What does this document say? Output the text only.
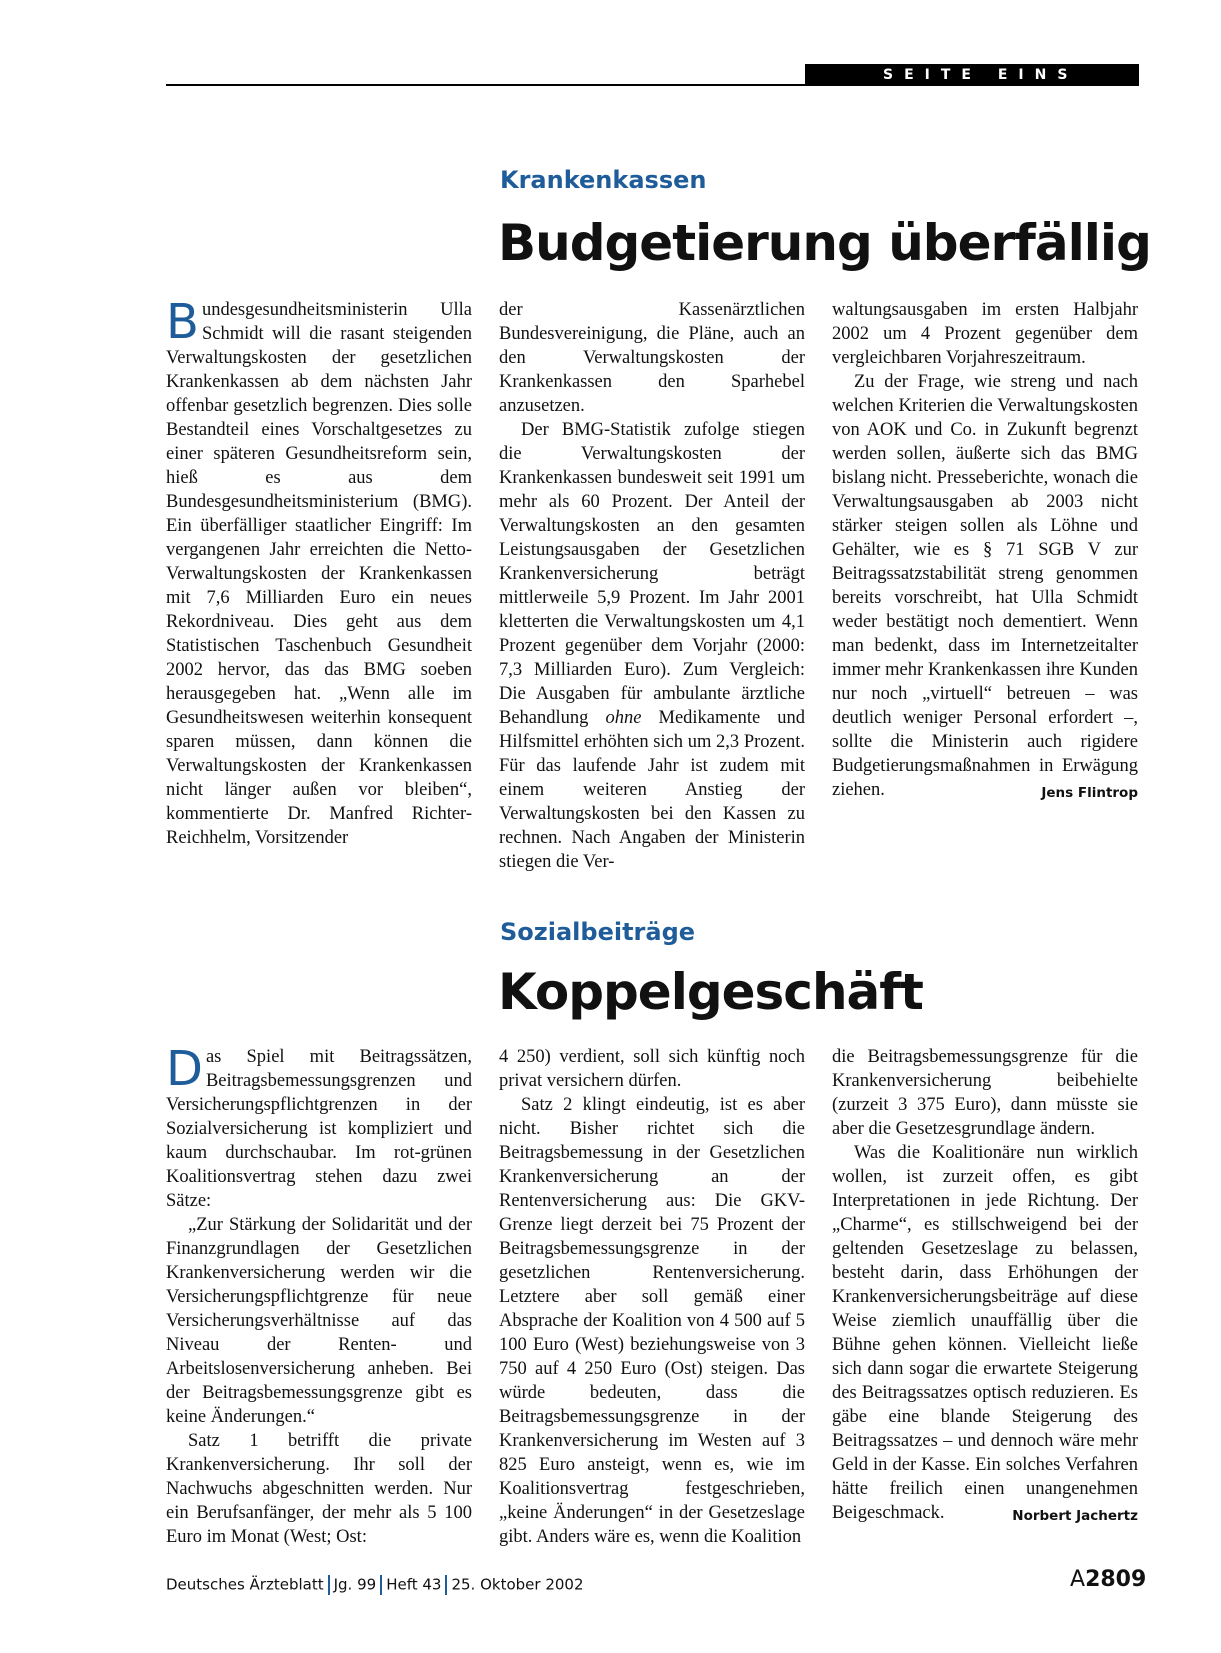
SEITE EINS
Krankenkassen
Budgetierung überfällig

Bundesgesundheitsministerin Ulla Schmidt will die rasant steigenden Verwaltungskosten der gesetzlichen Krankenkassen ab dem nächsten Jahr offenbar gesetzlich begrenzen. Dies solle Bestandteil eines Vorschaltgesetzes zu einer späteren Gesundheitsreform sein, hieß es aus dem Bundesgesundheitsministerium (BMG). Ein überfälliger staatlicher Eingriff: Im vergangenen Jahr erreichten die Netto-Verwaltungskosten der Krankenkassen mit 7,6 Milliarden Euro ein neues Rekordniveau. Dies geht aus dem Statistischen Taschenbuch Gesundheit 2002 hervor, das das BMG soeben herausgegeben hat. „Wenn alle im Gesundheitswesen weiterhin konsequent sparen müssen, dann können die Verwaltungskosten der Krankenkassen nicht länger außen vor bleiben“, kommentierte Dr. Manfred Richter-Reichhelm, Vorsitzender

der Kassenärztlichen Bundesvereinigung, die Pläne, auch an den Verwaltungskosten der Krankenkassen den Sparhebel anzusetzen.

Der BMG-Statistik zufolge stiegen die Verwaltungskosten der Krankenkassen bundesweit seit 1991 um mehr als 60 Prozent. Der Anteil der Verwaltungskosten an den gesamten Leistungsausgaben der Gesetzlichen Krankenversicherung beträgt mittlerweile 5,9 Prozent. Im Jahr 2001 kletterten die Verwaltungskosten um 4,1 Prozent gegenüber dem Vorjahr (2000: 7,3 Milliarden Euro). Zum Vergleich: Die Ausgaben für ambulante ärztliche Behandlung ohne Medikamente und Hilfsmittel erhöhten sich um 2,3 Prozent. Für das laufende Jahr ist zudem mit einem weiteren Anstieg der Verwaltungskosten bei den Kassen zu rechnen. Nach Angaben der Ministerin stiegen die Ver-

waltungsausgaben im ersten Halbjahr 2002 um 4 Prozent gegenüber dem vergleichbaren Vorjahreszeitraum.

Zu der Frage, wie streng und nach welchen Kriterien die Verwaltungskosten von AOK und Co. in Zukunft begrenzt werden sollen, äußerte sich das BMG bislang nicht. Presseberichte, wonach die Verwaltungsausgaben ab 2003 nicht stärker steigen sollen als Löhne und Gehälter, wie es § 71 SGB V zur Beitragssatzstabilität streng genommen bereits vorschreibt, hat Ulla Schmidt weder bestätigt noch dementiert. Wenn man bedenkt, dass im Internetzeitalter immer mehr Krankenkassen ihre Kunden nur noch „virtuell“ betreuen – was deutlich weniger Personal erfordert –, sollte die Ministerin auch rigidere Budgetierungsmaßnahmen in Erwägung ziehen.	Jens Flintrop

Sozialbeiträge
Koppelgeschäft

Das Spiel mit Beitragssätzen, Beitragsbemessungsgrenzen und Versicherungspflichtgrenzen in der Sozialversicherung ist kompliziert und kaum durchschaubar. Im rot-grünen Koalitionsvertrag stehen dazu zwei Sätze:

„Zur Stärkung der Solidarität und der Finanzgrundlagen der Gesetzlichen Krankenversicherung werden wir die Versicherungspflichtgrenze für neue Versicherungsverhältnisse auf das Niveau der Renten- und Arbeitslosenversicherung anheben. Bei der Beitragsbemessungsgrenze gibt es keine Änderungen.“

Satz 1 betrifft die private Krankenversicherung. Ihr soll der Nachwuchs abgeschnitten werden. Nur ein Berufsanfänger, der mehr als 5 100 Euro im Monat (West; Ost:

4 250) verdient, soll sich künftig noch privat versichern dürfen.

Satz 2 klingt eindeutig, ist es aber nicht. Bisher richtet sich die Beitragsbemessung in der Gesetzlichen Krankenversicherung an der Rentenversicherung aus: Die GKV-Grenze liegt derzeit bei 75 Prozent der Beitragsbemessungsgrenze in der gesetzlichen Rentenversicherung. Letztere aber soll gemäß einer Absprache der Koalition von 4 500 auf 5 100 Euro (West) beziehungsweise von 3 750 auf 4 250 Euro (Ost) steigen. Das würde bedeuten, dass die Beitragsbemessungsgrenze in der Krankenversicherung im Westen auf 3 825 Euro ansteigt, wenn es, wie im Koalitionsvertrag festgeschrieben, „keine Änderungen“ in der Gesetzeslage gibt. Anders wäre es, wenn die Koalition

die Beitragsbemessungsgrenze für die Krankenversicherung beibehielte (zurzeit 3 375 Euro), dann müsste sie aber die Gesetzesgrundlage ändern.

Was die Koalitionäre nun wirklich wollen, ist zurzeit offen, es gibt Interpretationen in jede Richtung. Der „Charme“, es stillschweigend bei der geltenden Gesetzeslage zu belassen, besteht darin, dass Erhöhungen der Krankenversicherungsbeiträge auf diese Weise ziemlich unauffällig über die Bühne gehen können. Vielleicht ließe sich dann sogar die erwartete Steigerung des Beitragssatzes optisch reduzieren. Es gäbe eine blande Steigerung des Beitragssatzes – und dennoch wäre mehr Geld in der Kasse. Ein solches Verfahren hätte freilich einen unangenehmen Beigeschmack.	Norbert Jachertz

Deutsches Ärzteblatt Jg. 99 Heft 43 25. Oktober 2002	A2809
